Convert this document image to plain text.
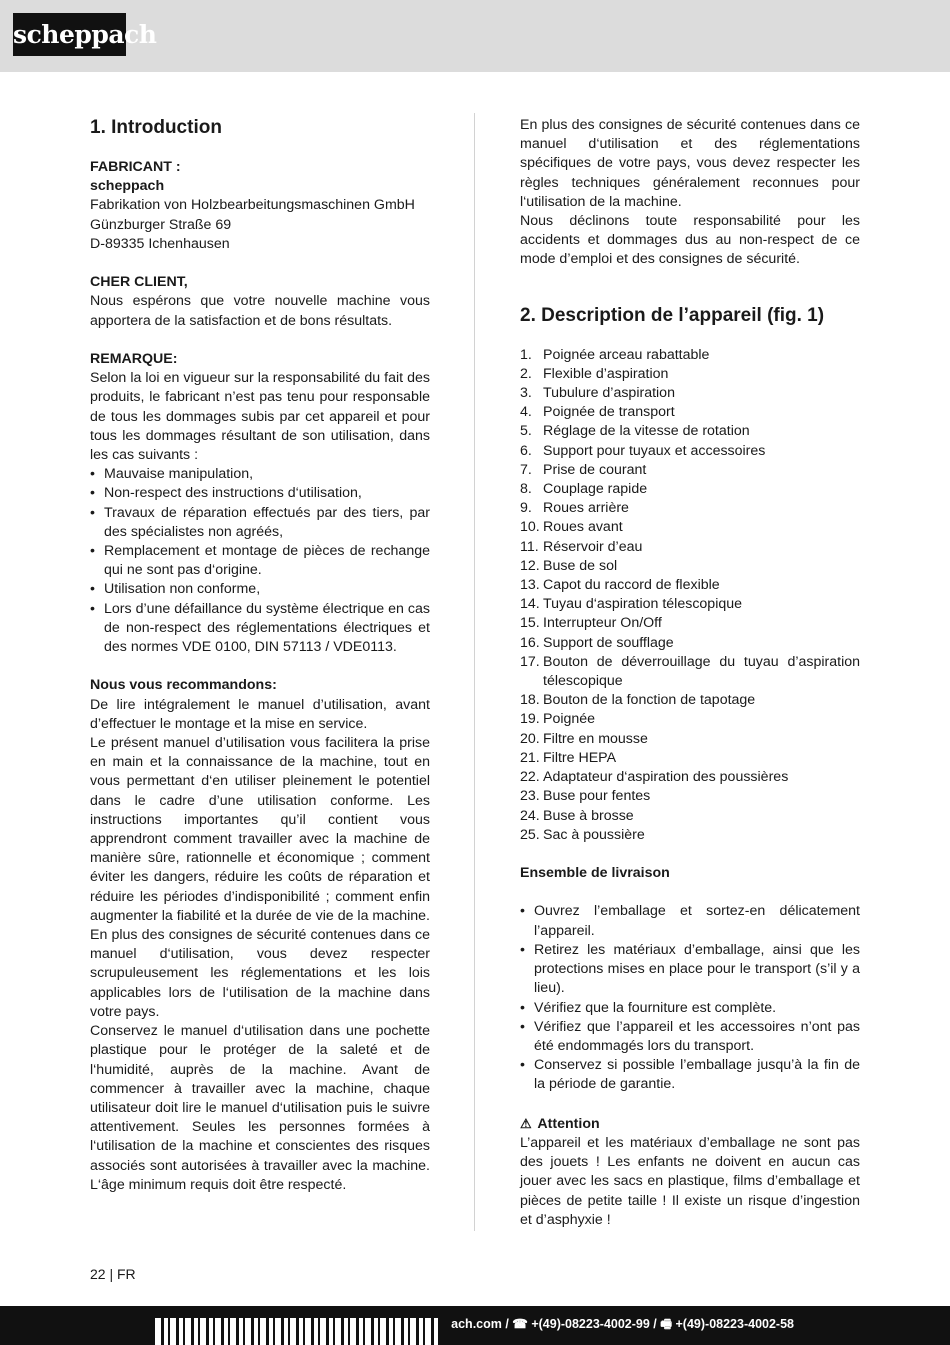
scheppach
1. Introduction
FABRICANT :
scheppach
Fabrikation von Holzbearbeitungsmaschinen GmbH
Günzburger Straße 69
D-89335 Ichenhausen
CHER CLIENT,

Nous espérons que votre nouvelle machine vous apportera de la satisfaction et de bons résultats.

REMARQUE:

Selon la loi en vigueur sur la responsabilité du fait des produits, le fabricant n’est pas tenu pour responsable de tous les dommages subis par cet appareil et pour tous les dommages résultant de son utilisation, dans les cas suivants :

• Mauvaise manipulation,
• Non-respect des instructions d‘utilisation,
• Travaux de réparation effectués par des tiers, par des spécialistes non agréés,
• Remplacement et montage de pièces de rechange qui ne sont pas d‘origine.
• Utilisation non conforme,
• Lors d’une défaillance du système électrique en cas de non-respect des réglementations électriques et des normes VDE 0100, DIN 57113 / VDE0113.
Nous vous recommandons:

De lire intégralement le manuel d’utilisation, avant d’effectuer le montage et la mise en service.

Le présent manuel d’utilisation vous facilitera la prise en main et la connaissance de la machine, tout en vous permettant d‘en utiliser pleinement le potentiel dans le cadre d’une utilisation conforme. Les instructions importantes qu’il contient vous apprendront comment travailler avec la machine de manière sûre, rationnelle et économique ; comment éviter les dangers, réduire les coûts de réparation et réduire les périodes d’indisponibilité ; comment enfin augmenter la fiabilité et la durée de vie de la machine. En plus des consignes de sécurité contenues dans ce manuel d‘utilisation, vous devez respecter scrupuleusement les réglementations et les lois applicables lors de l‘utilisation de la machine dans votre pays.

Conservez le manuel d‘utilisation dans une pochette plastique pour le protéger de la saleté et de l‘humidité, auprès de la machine. Avant de commencer à travailler avec la machine, chaque utilisateur doit lire le manuel d‘utilisation puis le suivre attentivement. Seules les personnes formées à l‘utilisation de la machine et conscientes des risques associés sont autorisées à travailler avec la machine. L‘âge minimum requis doit être respecté.

En plus des consignes de sécurité contenues dans ce manuel d‘utilisation et des réglementations spécifiques de votre pays, vous devez respecter les règles techniques généralement reconnues pour l‘utilisation de la machine.

Nous déclinons toute responsabilité pour les accidents et dommages dus au non-respect de ce mode d’emploi et des consignes de sécurité.

2. Description de l’appareil (fig. 1)
1. Poignée arceau rabattable
2. Flexible d’aspiration
3. Tubulure d’aspiration
4. Poignée de transport
5. Réglage de la vitesse de rotation
6. Support pour tuyaux et accessoires
7. Prise de courant
8. Couplage rapide
9. Roues arrière
10. Roues avant
11. Réservoir d’eau
12. Buse de sol
13. Capot du raccord de flexible
14. Tuyau d‘aspiration télescopique
15. Interrupteur On/Off
16. Support de soufflage
17. Bouton de déverrouillage du tuyau d’aspiration télescopique
18. Bouton de la fonction de tapotage
19. Poignée
20. Filtre en mousse
21. Filtre HEPA
22. Adaptateur d‘aspiration des poussières
23. Buse pour fentes
24. Buse à brosse
25. Sac à poussière
Ensemble de livraison
• Ouvrez l’emballage et sortez-en délicatement l’appareil.
• Retirez les matériaux d’emballage, ainsi que les protections mises en place pour le transport (s’il y a lieu).
• Vérifiez que la fourniture est complète.
• Vérifiez que l’appareil et les accessoires n’ont pas été endommagés lors du transport.
• Conservez si possible l’emballage jusqu’à la fin de la période de garantie.
⚠ Attention

L’appareil et les matériaux d’emballage ne sont pas des jouets ! Les enfants ne doivent en aucun cas jouer avec les sacs en plastique, films d’emballage et pièces de petite taille ! Il existe un risque d’ingestion et d’asphyxie !

22 | FR
ach.com / ☎ +(49)-08223-4002-99 / 🖷 +(49)-08223-4002-58
